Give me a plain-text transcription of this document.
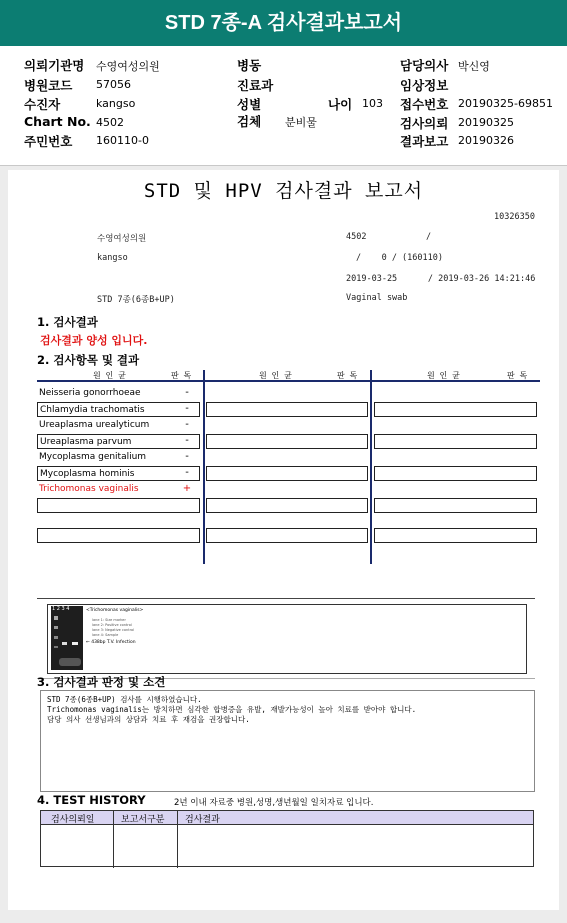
STD 7종-A 검사결과보고서
의뢰기관명 수영여성의원	병동	담당의사 박신영
병원코드 57056	진료과	임상정보
수진자	kangso	성별	나이 103 접수번호 20190325-69851
Chart No. 4502	검체 분비물	검사의뢰 20190325
주민번호 160110-0	결과보고 20190326
STD 및 HPV 검사결과 보고서
10326350
수영여성의원	4502	/
kangso	/    0 / (160110)
2019-03-25      / 2019-03-26 14:21:46
STD 7종(6종B+UP)	Vaginal swab
1. 검사결과
검사결과 양성 입니다.
2. 검사항목 및 결과
원 인 균	판 독	원 인 균	판 독	원 인 균	판 독
Neisseria gonorrhoeae	-
Chlamydia trachomatis	-
Ureaplasma urealyticum	-
Ureaplasma parvum	-
Mycoplasma genitalium	-
Mycoplasma hominis	-
Trichomonas vaginalis	+
1 2 3 4	<Trichomonas vaginalis>
lane 1: Size marker
lane 2: Positive control
lane 3: Negative control
lane 4: Sample
← 438bp T.V. Infection
3. 검사결과 판정 및 소견
STD 7종(6종B+UP) 검사를 시행하였습니다.
Trichomonas vaginalis는 방치하면 심각한 합병증을 유발, 재발가능성이 높아 치료를 받아야 합니다.
담당 의사 선생님과의 상담과 치료 후 재검을 권장합니다.
4. TEST HISTORY	2년 이내 자료중 병원,성명,생년월일 일치자료 입니다.
검사의뢰일	보고서구분 검사결과
